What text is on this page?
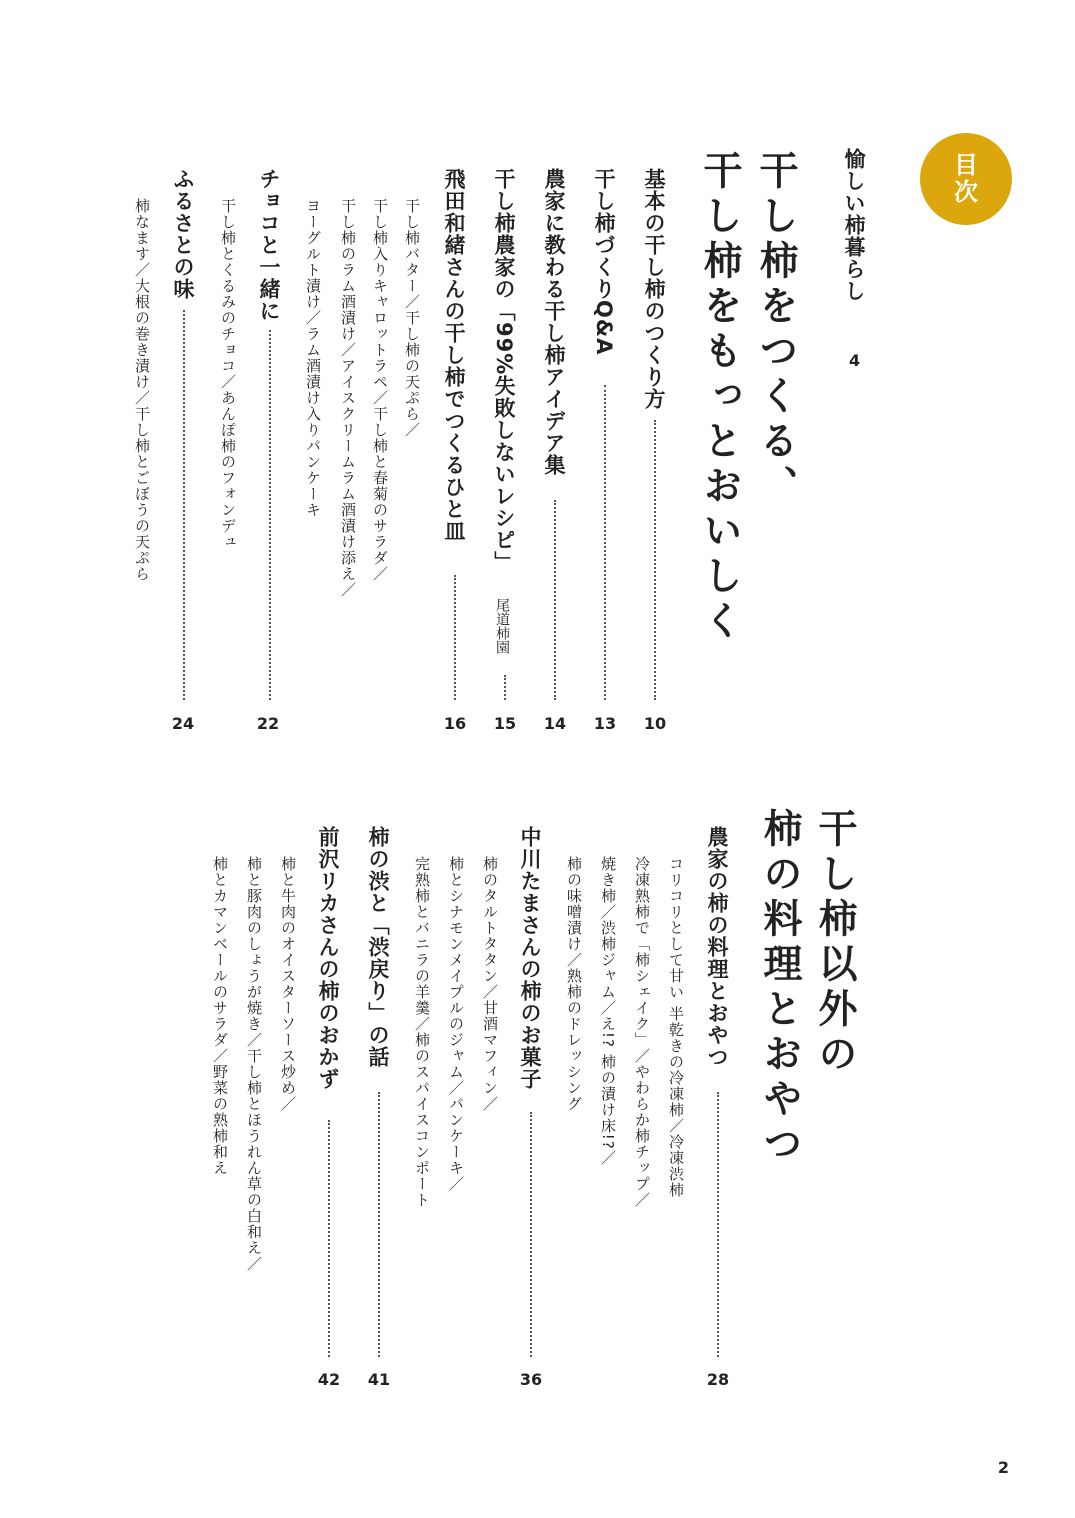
目
次
愉しい柿暮らし
4
干し柿をつくる、
干し柿をもっとおいしく
基本の干し柿のつくり方
10
干し柿づくりQ&A
13
農家に教わる干し柿アイデア集
14
干し柿農家の「99%失敗しないレシピ」
尾道柿園
15
飛田和緒さんの干し柿でつくるひと皿
16
干し柿バター／干し柿の天ぷら／
干し柿入りキャロットラペ／干し柿と春菊のサラダ／
干し柿のラム酒漬け／アイスクリームラム酒漬け添え／
ヨーグルト漬け／ラム酒漬け入りパンケーキ
チョコと一緒に
22
干し柿とくるみのチョコ／あんぽ柿のフォンデュ
ふるさとの味
24
柿なます／大根の巻き漬け／干し柿とごぼうの天ぷら
干し柿以外の
柿の料理とおやつ
農家の柿の料理とおやつ
28
コリコリとして甘い 半乾きの冷凍柿／冷凍渋柿
冷凍熟柿で「柿シェイク」／やわらか柿チップ／
焼き柿／渋柿ジャム／え!? 柿の漬け床!?／
柿の味噌漬け／熟柿のドレッシング
中川たまさんの柿のお菓子
36
柿のタルトタタン／甘酒マフィン／
柿とシナモンメイプルのジャム／パンケーキ／
完熟柿とバニラの羊羹／柿のスパイスコンポート
柿の渋と「渋戻り」の話
41
前沢リカさんの柿のおかず
42
柿と牛肉のオイスターソース炒め／
柿と豚肉のしょうが焼き／干し柿とほうれん草の白和え／
柿とカマンベールのサラダ／野菜の熟柿和え
2
